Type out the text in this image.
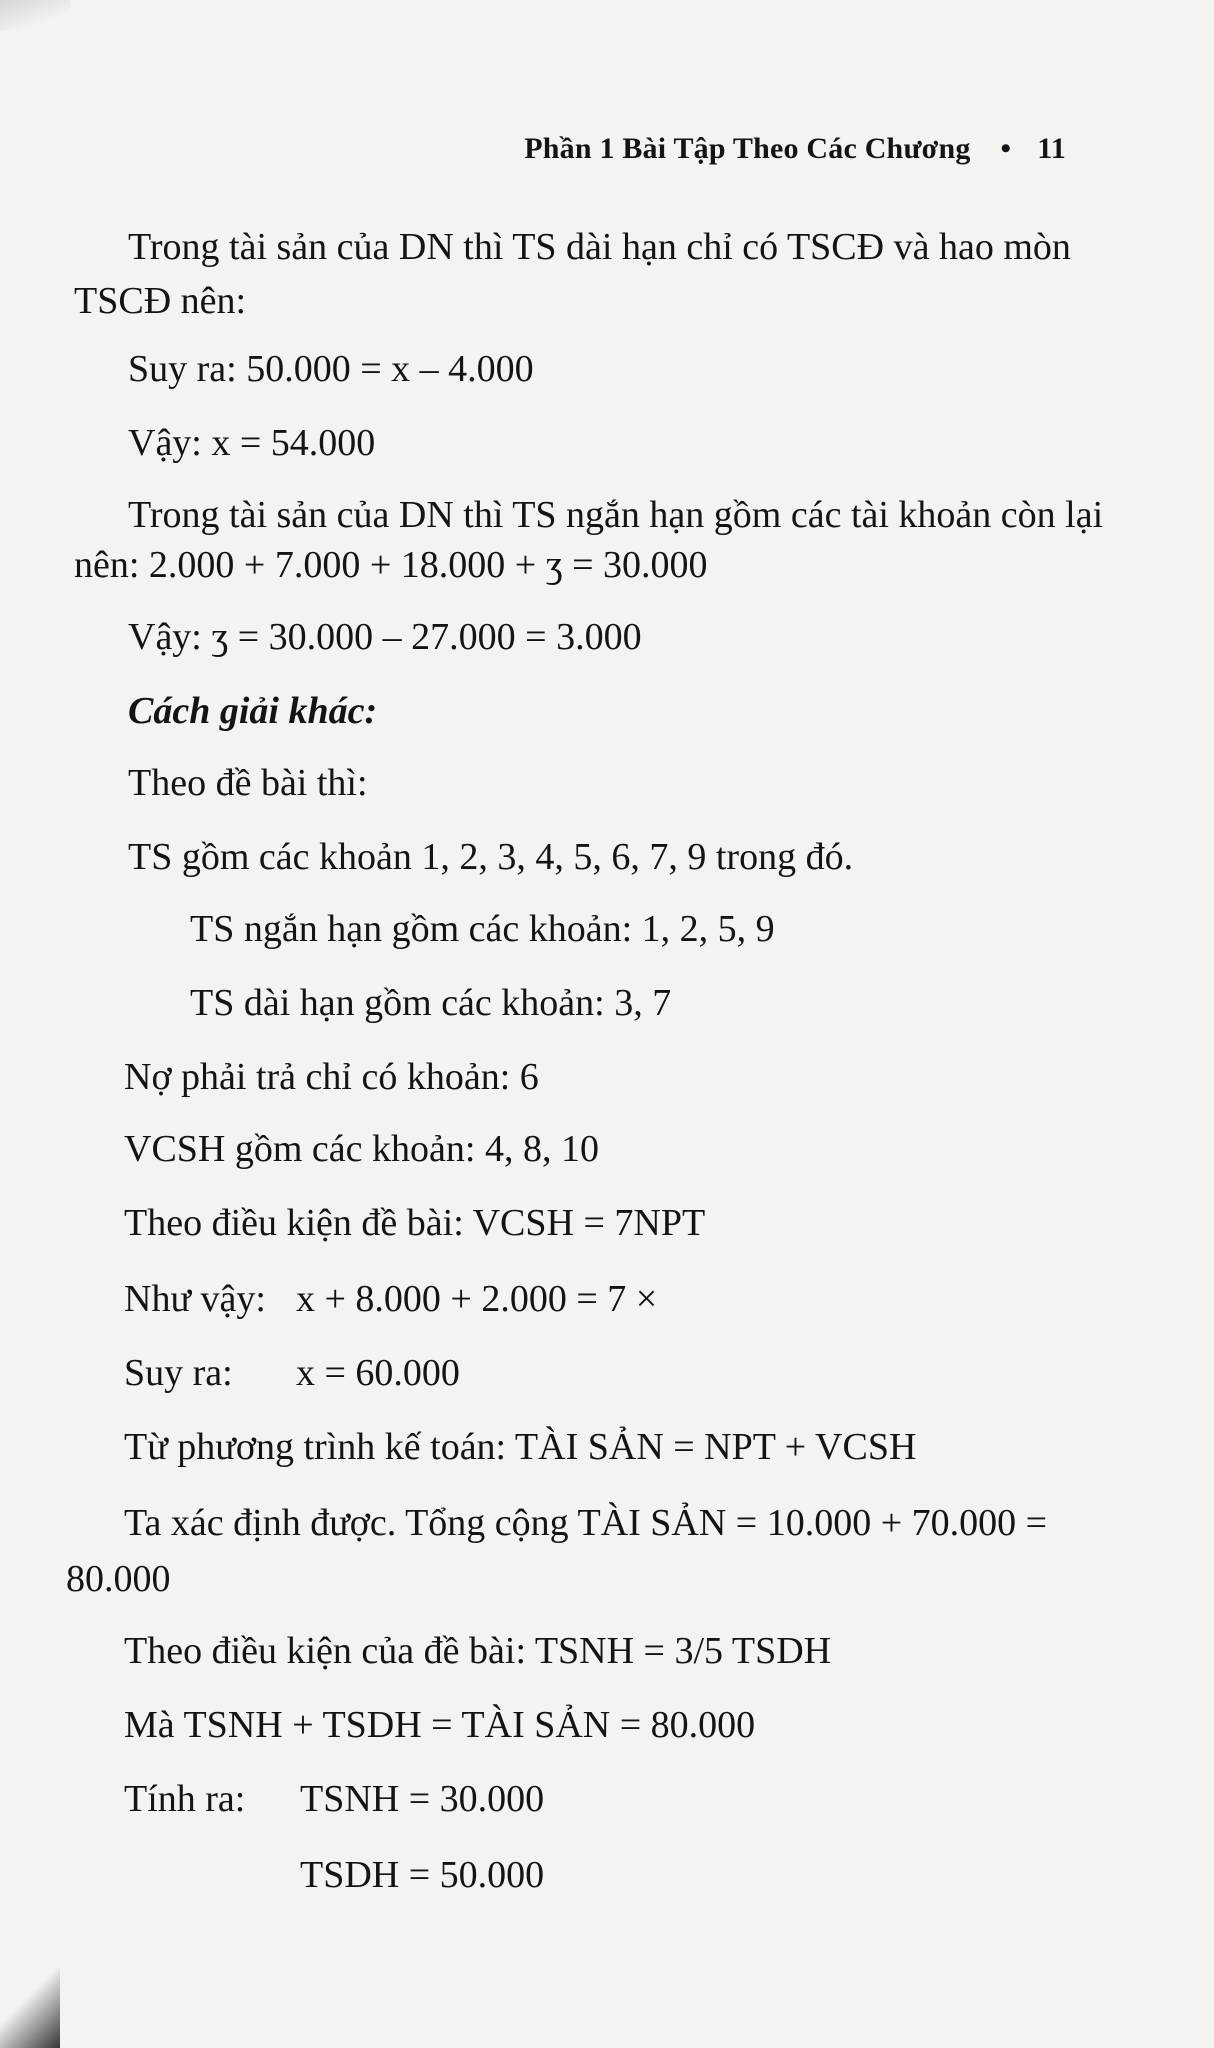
Phần 1 Bài Tập Theo Các Chương • 11
Trong tài sản của DN thì TS dài hạn chỉ có TSCĐ và hao mòn
TSCĐ nên:
Suy ra: 50.000 = x – 4.000
Vậy: x = 54.000
Trong tài sản của DN thì TS ngắn hạn gồm các tài khoản còn lại
nên: 2.000 + 7.000 + 18.000 + ʒ = 30.000
Vậy: ʒ = 30.000 – 27.000 = 3.000
Cách giải khác:
Theo đề bài thì:
TS gồm các khoản 1, 2, 3, 4, 5, 6, 7, 9 trong đó.
TS ngắn hạn gồm các khoản: 1, 2, 5, 9
TS dài hạn gồm các khoản: 3, 7
Nợ phải trả chỉ có khoản: 6
VCSH gồm các khoản: 4, 8, 10
Theo điều kiện đề bài: VCSH = 7NPT
Như vậy: x + 8.000 + 2.000 = 7 ×
Suy ra: x = 60.000
Từ phương trình kế toán: TÀI SẢN = NPT + VCSH
Ta xác định được. Tổng cộng TÀI SẢN = 10.000 + 70.000 =
80.000
Theo điều kiện của đề bài: TSNH = 3/5 TSDH
Mà TSNH + TSDH = TÀI SẢN = 80.000
Tính ra: TSNH = 30.000
TSDH = 50.000
